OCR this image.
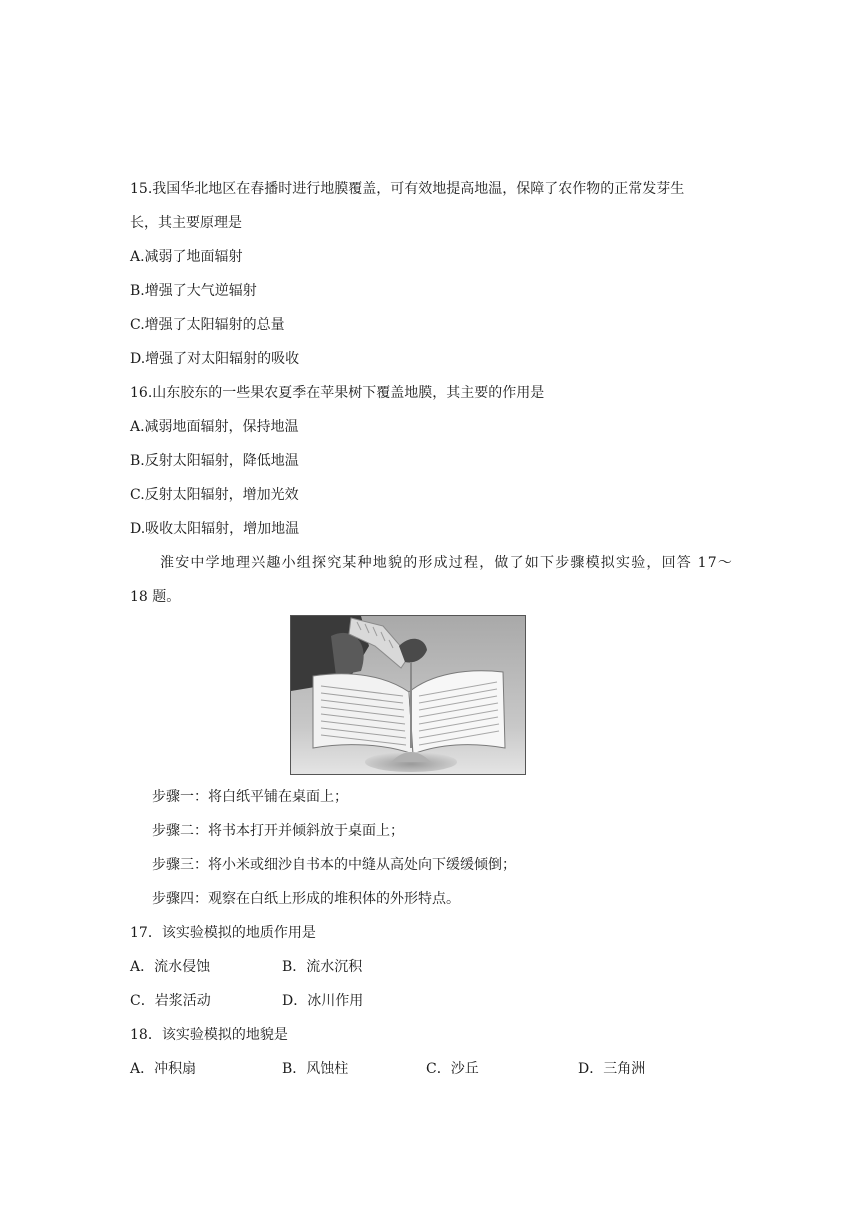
15.我国华北地区在春播时进行地膜覆盖，可有效地提高地温，保障了农作物的正常发芽生
长，其主要原理是
A.减弱了地面辐射
B.增强了大气逆辐射
C.增强了太阳辐射的总量
D.增强了对太阳辐射的吸收
16.山东胶东的一些果农夏季在苹果树下覆盖地膜，其主要的作用是
A.减弱地面辐射，保持地温
B.反射太阳辐射，降低地温
C.反射太阳辐射，增加光效
D.吸收太阳辐射，增加地温
淮安中学地理兴趣小组探究某种地貌的形成过程，做了如下步骤模拟实验，回答 17～
18 题。
步骤一：将白纸平铺在桌面上；
步骤二：将书本打开并倾斜放于桌面上；
步骤三：将小米或细沙自书本的中缝从高处向下缓缓倾倒；
步骤四：观察在白纸上形成的堆积体的外形特点。
17．该实验模拟的地质作用是
A．流水侵蚀	B．流水沉积
C．岩浆活动	D．冰川作用
18．该实验模拟的地貌是
A．冲积扇	B．风蚀柱	C．沙丘	D．三角洲
